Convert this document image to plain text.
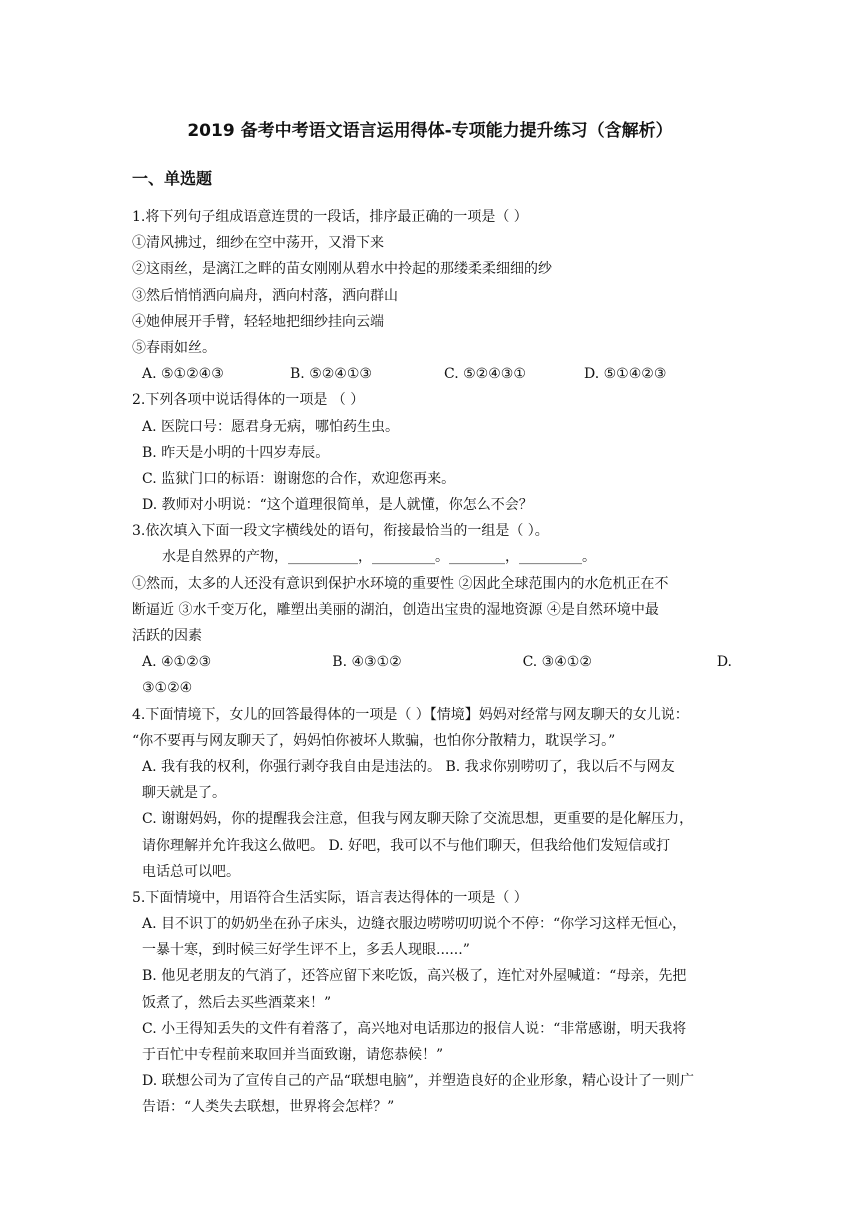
2019 备考中考语文语言运用得体-专项能力提升练习（含解析）
一、单选题
1.将下列句子组成语意连贯的一段话，排序最正确的一项是（ ）
①清风拂过，细纱在空中荡开，又滑下来
②这雨丝，是漓江之畔的苗女刚刚从碧水中拎起的那缕柔柔细细的纱
③然后悄悄洒向扁舟，洒向村落，洒向群山
④她伸展开手臂，轻轻地把细纱挂向云端
⑤春雨如丝。
A. ⑤①②④③	B. ⑤②④①③	C. ⑤②④③①	D. ⑤①④②③
2.下列各项中说话得体的一项是 （ ）
A. 医院口号：愿君身无病，哪怕药生虫。
B. 昨天是小明的十四岁寿辰。
C. 监狱门口的标语：谢谢您的合作，欢迎您再来。
D. 教师对小明说：“这个道理很简单，是人就懂，你怎么不会？
3.依次填入下面一段文字横线处的语句，衔接最恰当的一组是（ ）。
水是自然界的产物，__________，_________。________，_________。
①然而，太多的人还没有意识到保护水环境的重要性 ②因此全球范围内的水危机正在不
断逼近 ③水千变万化，雕塑出美丽的湖泊，创造出宝贵的湿地资源 ④是自然环境中最
活跃的因素
A. ④①②③	B. ④③①②	C. ③④①②	D.
③①②④
4.下面情境下，女儿的回答最得体的一项是（ ）【情境】妈妈对经常与网友聊天的女儿说：
“你不要再与网友聊天了，妈妈怕你被坏人欺骗，也怕你分散精力，耽误学习。”
A. 我有我的权利，你强行剥夺我自由是违法的。 B. 我求你别唠叨了，我以后不与网友
聊天就是了。
C. 谢谢妈妈，你的提醒我会注意，但我与网友聊天除了交流思想，更重要的是化解压力，
请你理解并允许我这么做吧。 D. 好吧，我可以不与他们聊天，但我给他们发短信或打
电话总可以吧。
5.下面情境中，用语符合生活实际，语言表达得体的一项是（ ）
A. 目不识丁的奶奶坐在孙子床头，边缝衣服边唠唠叨叨说个不停：“你学习这样无恒心，
一暴十寒，到时候三好学生评不上，多丢人现眼......”
B. 他见老朋友的气消了，还答应留下来吃饭，高兴极了，连忙对外屋喊道：“母亲，先把
饭煮了，然后去买些酒菜来！”
C. 小王得知丢失的文件有着落了，高兴地对电话那边的报信人说：“非常感谢，明天我将
于百忙中专程前来取回并当面致谢，请您恭候！”
D. 联想公司为了宣传自己的产品“联想电脑”，并塑造良好的企业形象，精心设计了一则广
告语：“人类失去联想，世界将会怎样？”
